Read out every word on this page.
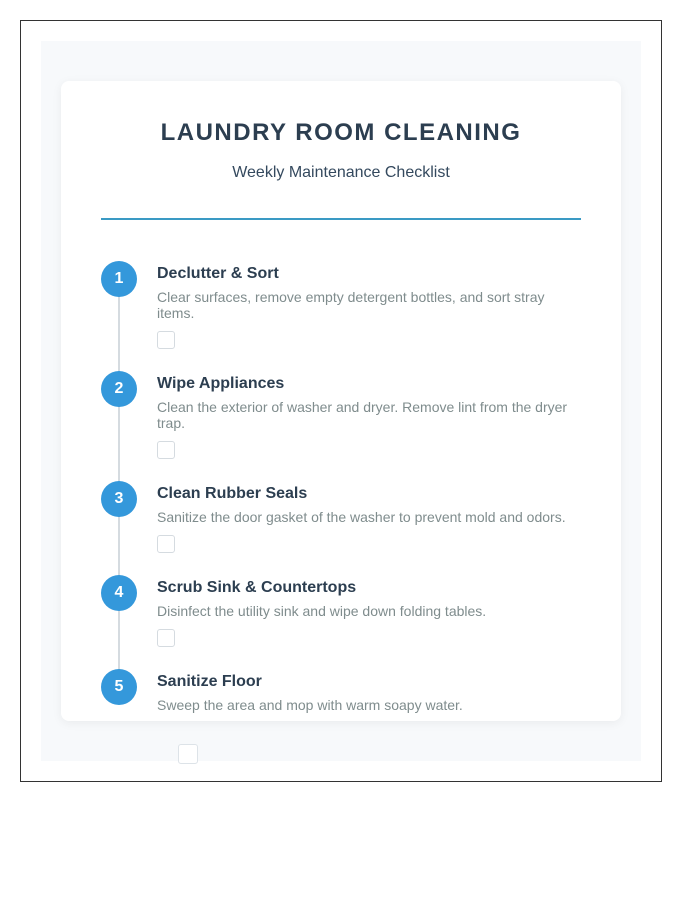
LAUNDRY ROOM CLEANING
Weekly Maintenance Checklist
1	Declutter & Sort
Clear surfaces, remove empty detergent bottles, and sort stray items.
2	Wipe Appliances
Clean the exterior of washer and dryer. Remove lint from the dryer trap.
3	Clean Rubber Seals
Sanitize the door gasket of the washer to prevent mold and odors.
4	Scrub Sink & Countertops
Disinfect the utility sink and wipe down folding tables.
5	Sanitize Floor
Sweep the area and mop with warm soapy water.
